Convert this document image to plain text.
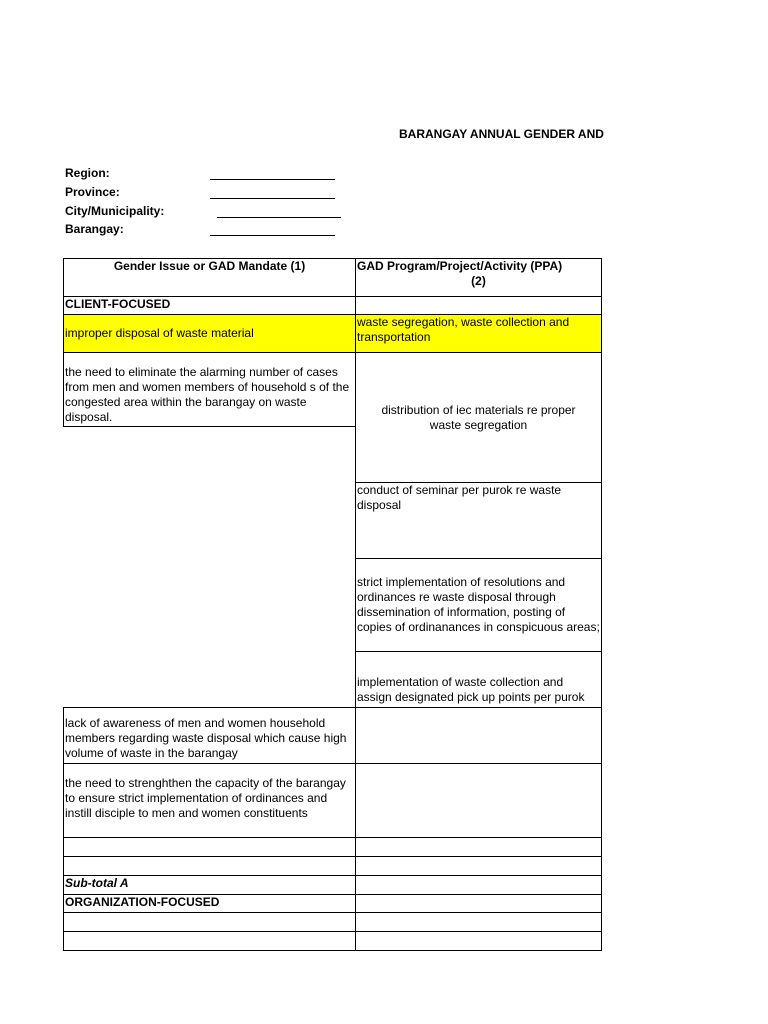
BARANGAY ANNUAL GENDER AND
Region:
Province:
City/Municipality:
Barangay:
Gender Issue or GAD Mandate (1)	GAD Program/Project/Activity (PPA)
(2)

CLIENT-FOCUSED	
improper disposal of waste material	waste segregation, waste collection and transportation
the need to eliminate the alarming number of cases from men and women members of household s of the congested area within the barangay on waste disposal.	distribution of iec materials re proper waste segregation

	conduct of seminar per purok re waste disposal
	strict implementation of resolutions and ordinances re waste disposal through dissemination of information, posting of copies of ordinanances in conspicuous areas;
	implementation of waste collection and assign designated pick up points per purok
lack of awareness of men and women household members regarding waste disposal which cause high volume of waste in the barangay	
the need to strenghthen the capacity of the barangay to ensure strict implementation of ordinances and instill disciple to men and women constituents	

Sub-total A	
ORGANIZATION-FOCUSED	
